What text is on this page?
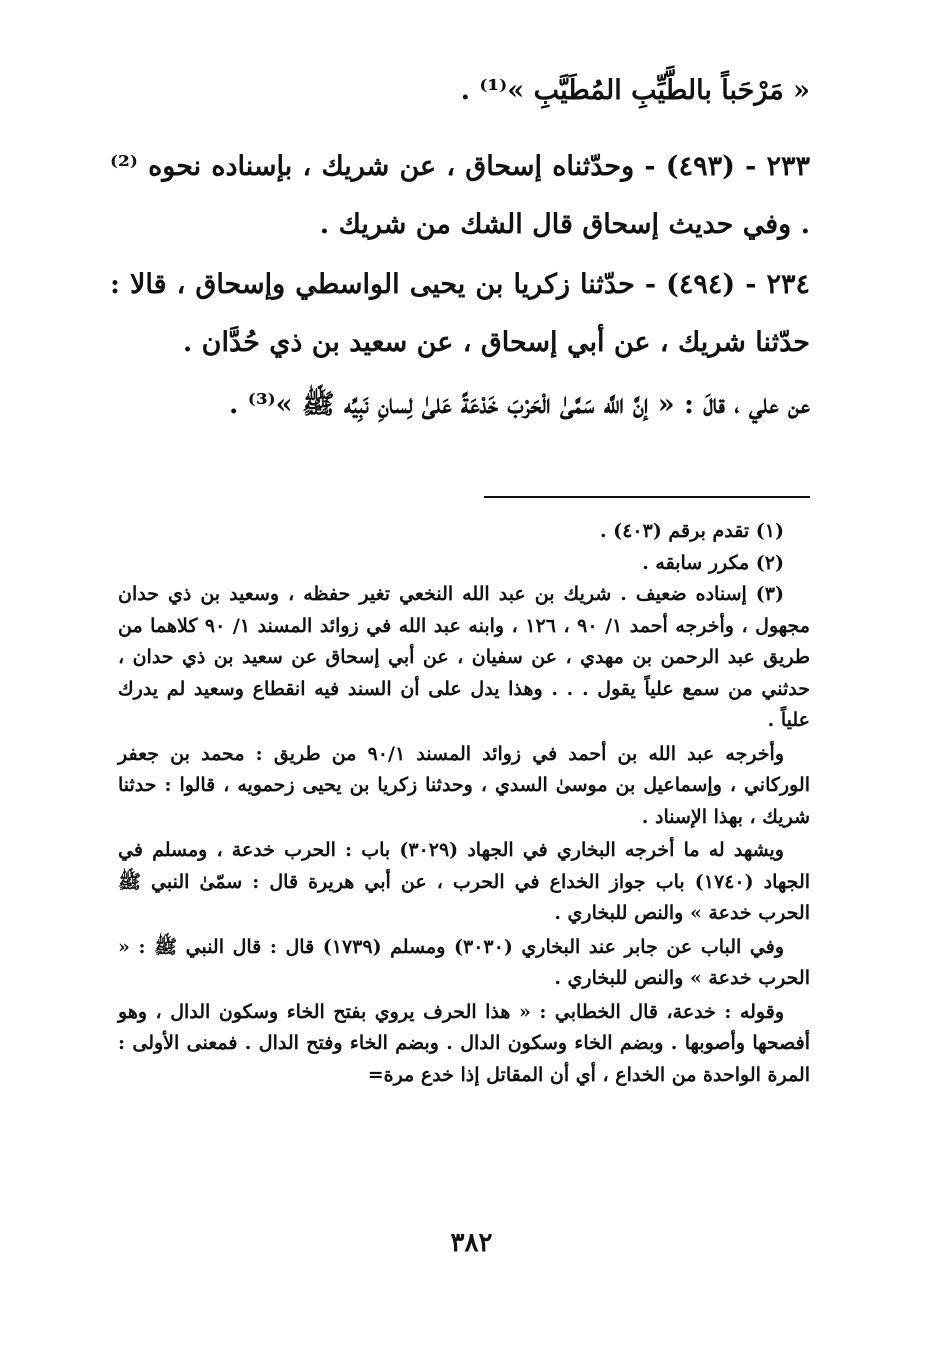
« مَرْحَباً بالطَّيِّبِ المُطَيَّبِ »⁽¹⁾ .
٢٣٣ - (٤٩٣) - وحدّثناه إسحاق ، عن شريك ، بإسناده نحوه ⁽²⁾ . وفي حديث إسحاق قال الشك من شريك .
٢٣٤ - (٤٩٤) - حدّثنا زكريا بن يحيى الواسطي وإسحاق ، قالا : حدّثنا شريك ، عن أبي إسحاق ، عن سعيد بن ذي حُدَّان .
عن علي ، قالَ : « إنَّ اللَّه سَمَّىٰ الْحَرْبَ خَدْعَةً عَلىٰ لِسانِ نَبِيِّه ﷺ »⁽³⁾ .

(١) تقدم برقم (٤٠٣) .

(٢) مكرر سابقه .

(٣) إسناده ضعيف . شريك بن عبد الله النخعي تغير حفظه ، وسعيد بن ذي حدان مجهول ، وأخرجه أحمد ١/ ٩٠ ، ١٢٦ ، وابنه عبد الله في زوائد المسند ١/ ٩٠ كلاهما من طريق عبد الرحمن بن مهدي ، عن سفيان ، عن أبي إسحاق عن سعيد بن ذي حدان ، حدثني من سمع علياً يقول . . . وهذا يدل على أن السند فيه انقطاع وسعيد لم يدرك علياً .

وأخرجه عبد الله بن أحمد في زوائد المسند ٩٠/١ من طريق : محمد بن جعفر الوركاني ، وإسماعيل بن موسىٰ السدي ، وحدثنا زكريا بن يحيى زحمويه ، قالوا : حدثنا شريك ، بهذا الإسناد .

ويشهد له ما أخرجه البخاري في الجهاد (٣٠٢٩) باب : الحرب خدعة ، ومسلم في الجهاد (١٧٤٠) باب جواز الخداع في الحرب ، عن أبي هريرة قال : سمّىٰ النبي ﷺ الحرب خدعة » والنص للبخاري .

وفي الباب عن جابر عند البخاري (٣٠٣٠) ومسلم (١٧٣٩) قال : قال النبي ﷺ : « الحرب خدعة » والنص للبخاري .

وقوله : خدعة، قال الخطابي : « هذا الحرف يروي بفتح الخاء وسكون الدال ، وهو أفصحها وأصوبها . وبضم الخاء وسكون الدال . وبضم الخاء وفتح الدال . فمعنى الأولى : المرة الواحدة من الخداع ، أي أن المقاتل إذا خدع مرة=

٣٨٢
